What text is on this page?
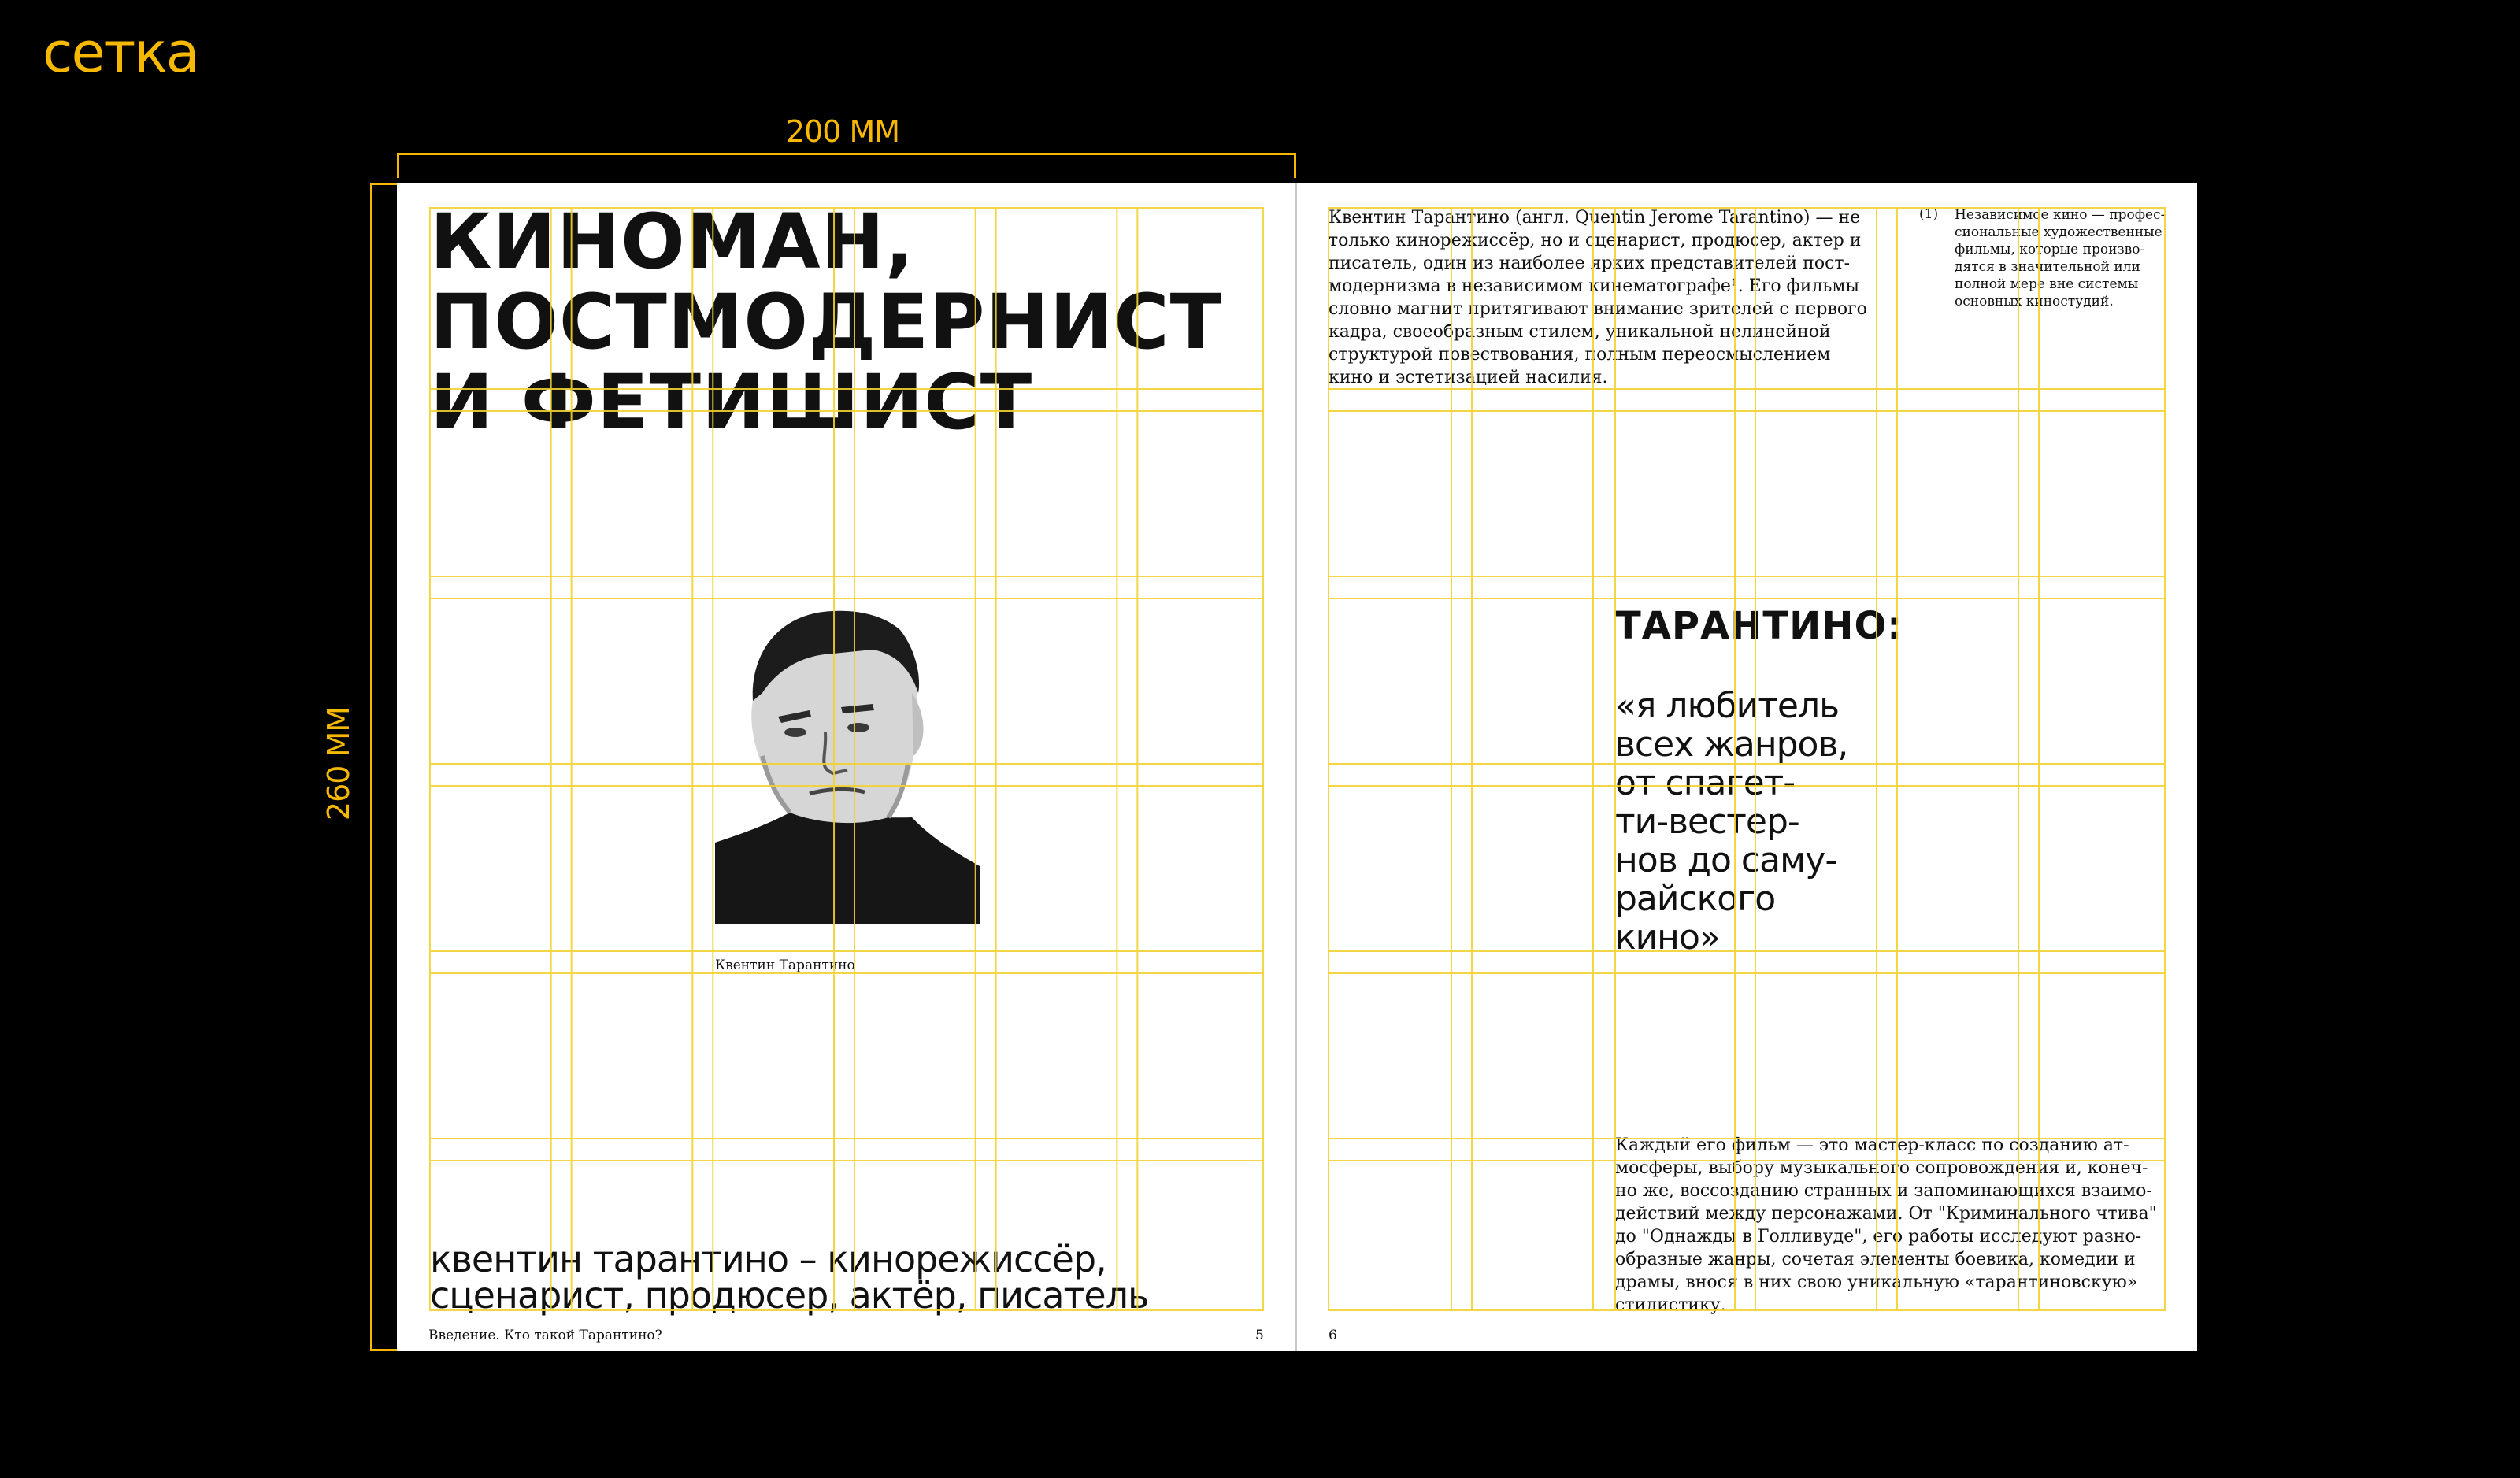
сетка
200 ММ
260 ММ
КИНОМАН,
ПОСТМОДЕРНИСТ
И ФЕТИШИСТ
Квентин Тарантино
квентин тарантино – кинорежиссёр,
сценарист, продюсер, актёр, писатель
Введение. Кто такой Тарантино?	5
Квентин Тарантино (англ. Quentin Jerome Tarantino) — не
только кинорежиссёр, но и сценарист, продюсер, актер и
писатель, один из наиболее ярких представителей пост-
модернизма в независимом кинематографе¹. Его фильмы
словно магнит притягивают внимание зрителей с первого
кадра, своеобразным стилем, уникальной нелинейной
структурой повествования, полным переосмыслением
кино и эстетизацией насилия.
(1) Независимое кино — профес-
сиональные художественные
фильмы, которые произво-
дятся в значительной или
полной мере вне системы
основных киностудий.
ТАРАНТИНО:
«я любитель
всех жанров,
от спагет-
ти-вестер-
нов до саму-
райского
кино»
Каждый его фильм — это мастер-класс по созданию ат-
мосферы, выбору музыкального сопровождения и, конеч-
но же, воссозданию странных и запоминающихся взаимо-
действий между персонажами. От "Криминального чтива"
до "Однажды в Голливуде", его работы исследуют разно-
образные жанры, сочетая элементы боевика, комедии и
драмы, внося в них свою уникальную «тарантиновскую»
стилистику.
6
